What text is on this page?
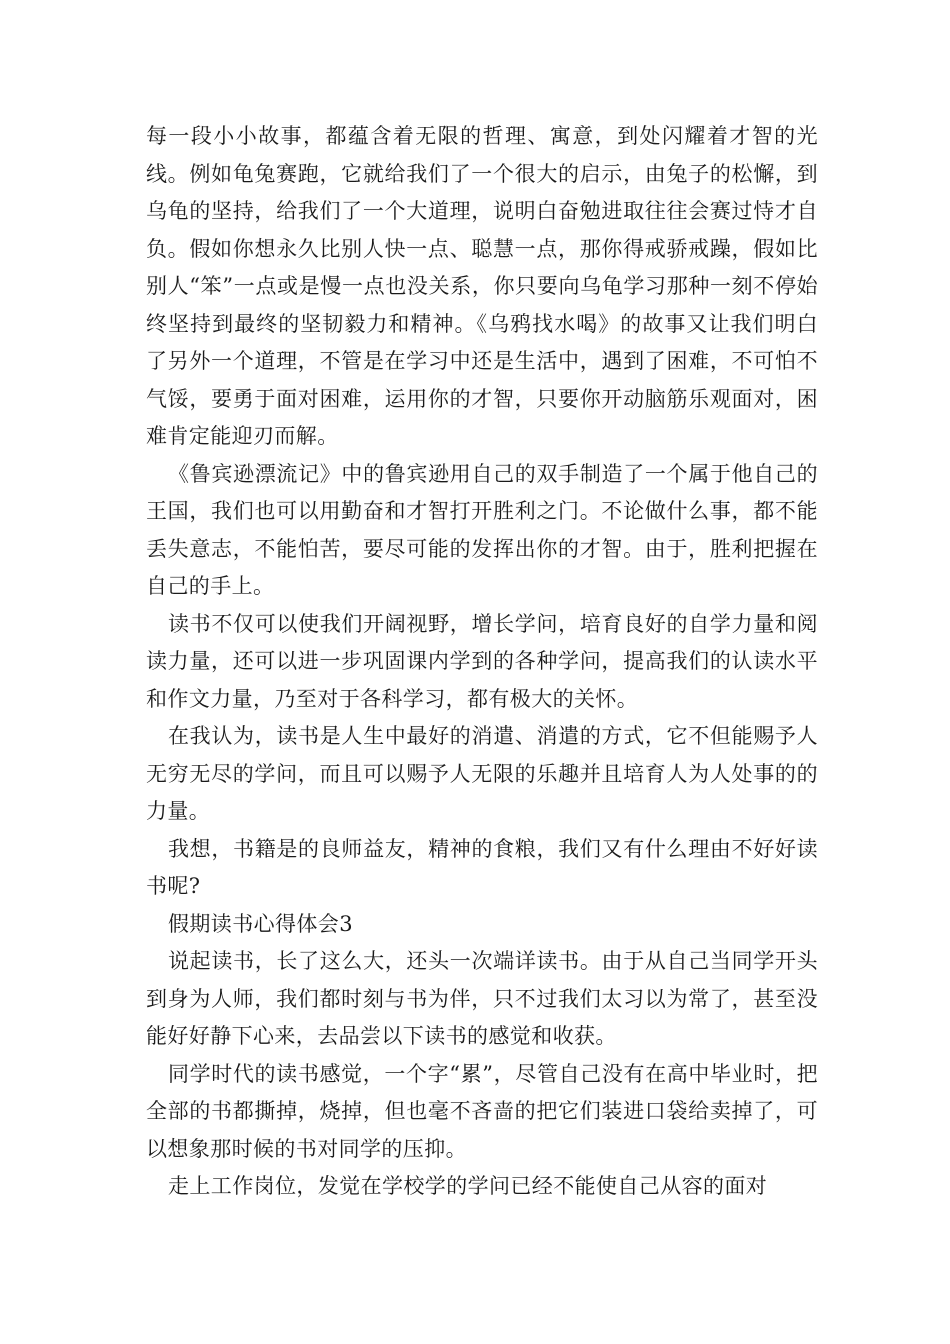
每一段小小故事，都蕴含着无限的哲理、寓意，到处闪耀着才智的光线。例如龟兔赛跑，它就给我们了一个很大的启示，由兔子的松懈，到乌龟的坚持，给我们了一个大道理，说明白奋勉进取往往会赛过恃才自负。假如你想永久比别人快一点、聪慧一点，那你得戒骄戒躁，假如比别人“笨”一点或是慢一点也没关系，你只要向乌龟学习那种一刻不停始终坚持到最终的坚韧毅力和精神。《乌鸦找水喝》的故事又让我们明白了另外一个道理，不管是在学习中还是生活中，遇到了困难，不可怕不气馁，要勇于面对困难，运用你的才智，只要你开动脑筋乐观面对，困难肯定能迎刃而解。

《鲁宾逊漂流记》中的鲁宾逊用自己的双手制造了一个属于他自己的王国，我们也可以用勤奋和才智打开胜利之门。不论做什么事，都不能丢失意志，不能怕苦，要尽可能的发挥出你的才智。由于，胜利把握在自己的手上。

读书不仅可以使我们开阔视野，增长学问，培育良好的自学力量和阅读力量，还可以进一步巩固课内学到的各种学问，提高我们的认读水平和作文力量，乃至对于各科学习，都有极大的关怀。

在我认为，读书是人生中最好的消遣、消遣的方式，它不但能赐予人无穷无尽的学问，而且可以赐予人无限的乐趣并且培育人为人处事的的力量。

我想，书籍是的良师益友，精神的食粮，我们又有什么理由不好好读书呢?

假期读书心得体会3

说起读书，长了这么大，还头一次端详读书。由于从自己当同学开头到身为人师，我们都时刻与书为伴，只不过我们太习以为常了，甚至没能好好静下心来，去品尝以下读书的感觉和收获。

同学时代的读书感觉，一个字“累”，尽管自己没有在高中毕业时，把全部的书都撕掉，烧掉，但也毫不吝啬的把它们装进口袋给卖掉了，可以想象那时候的书对同学的压抑。

走上工作岗位，发觉在学校学的学问已经不能使自己从容的面对
